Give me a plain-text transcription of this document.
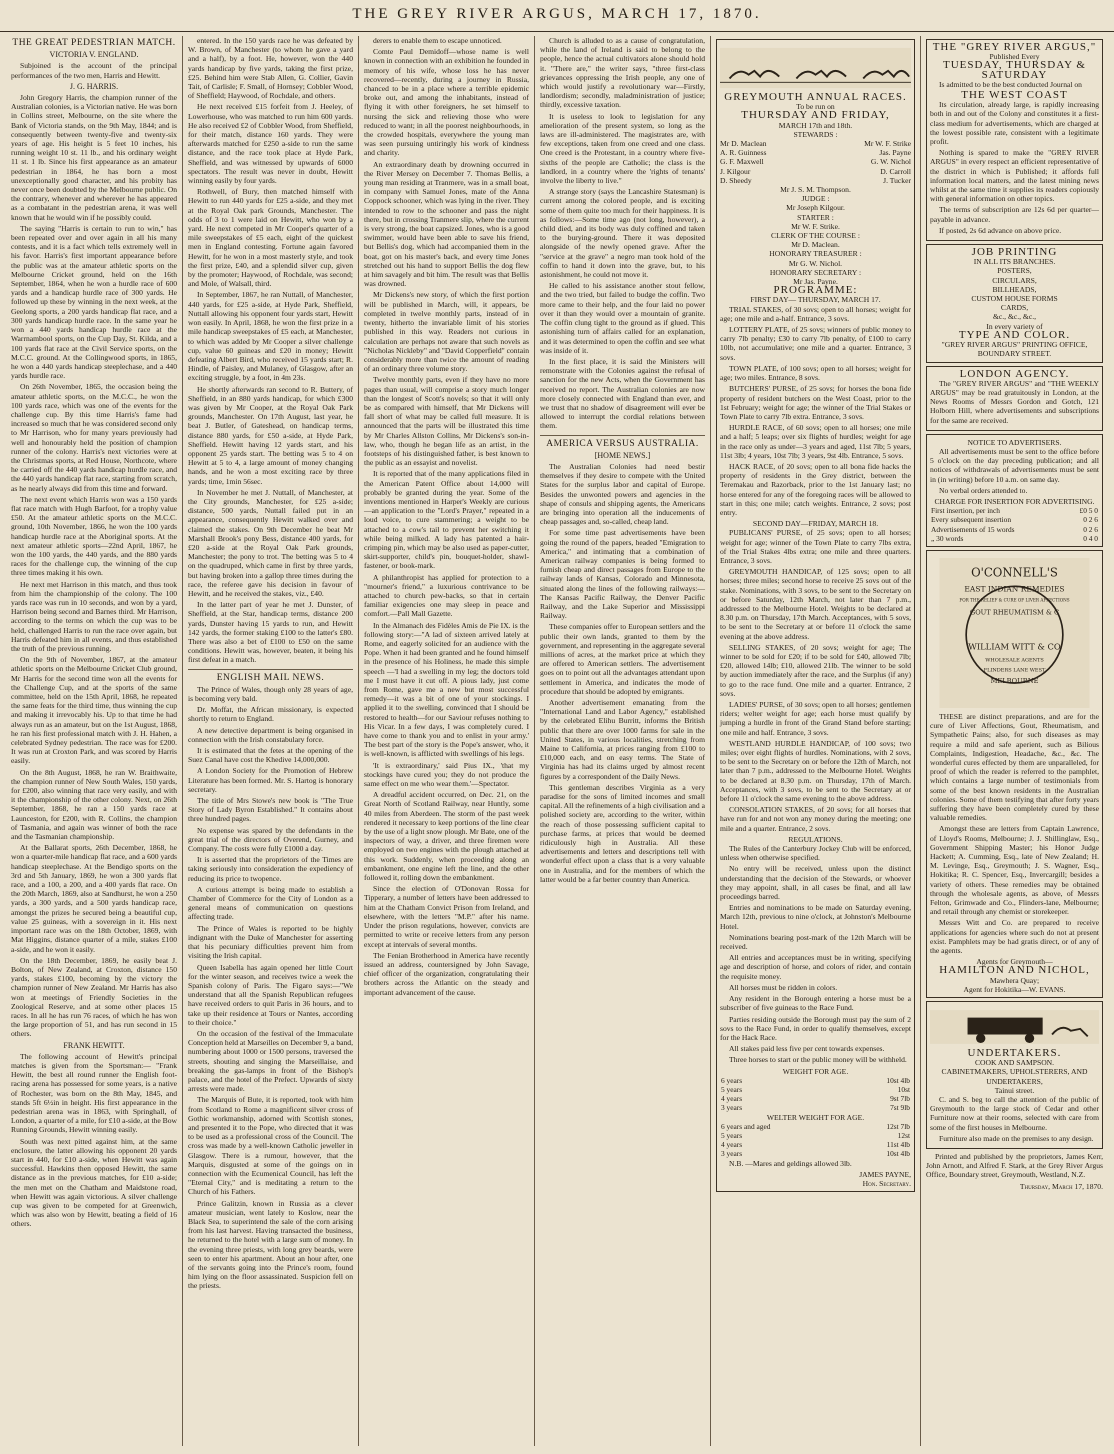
THE GREY RIVER ARGUS, MARCH 17, 1870.
THE GREAT PEDESTRIAN MATCH.
VICTORIA V. ENGLAND.

Subjoined is the account of the principal performances of the two men, Harris and Hewitt.

J. G. HARRIS.

John Gregory Harris, the champion runner of the Australian colonies, is a Victorian native. He was born in Collins street, Melbourne, on the site where the Bank of Victoria stands, on the 9th May, 1844; and is consequently between twenty-five and twenty-six years of age. His height is 5 feet 10 inches, his running weight 10 st. 11 lb., and his ordinary weight 11 st. 1 lb. Since his first appearance as an amateur pedestrian in 1864, he has born a most unexceptionally good character, and his probity has never once been doubted by the Melbourne public. On the contrary, whenever and wherever he has appeared as a combatant in the pedestrian arena, it was well known that he would win if he possibly could.

The saying "Harris is certain to run to win," has been repeated over and over again in all his many contests, and it is a fact which tells extremely well in his favor. Harris's first important appearance before the public was at the amateur athletic sports on the Melbourne Cricket ground, held on the 16th September, 1864, when he won a hurdle race of 600 yards and a handicap hurdle race of 300 yards. He followed up these by winning in the next week, at the Geelong sports, a 200 yards handicap flat race, and a 300 yards handicap hurdle race. In the same year he won a 440 yards handicap hurdle race at the Warrnambool sports, on the Cup Day, St. Kilda, and a 100 yards flat race at the Civil Service sports, on the M.C.C. ground. At the Collingwood sports, in 1865, he won a 440 yards handicap steeplechase, and a 440 yards hurdle race.

On 26th November, 1865, the occasion being the amateur athletic sports, on the M.C.C., he won the 100 yards race, which was one of the events for the challenge cup. By this time Harris's fame had increased so much that he was considered second only to Mr Harrison, who for many years previously had well and honourably held the position of champion runner of the colony. Harris's next victories were at the Christmas sports, at Red House, Northcote, where he carried off the 440 yards handicap hurdle race, and the 440 yards handicap flat race, starting from scratch, as he nearly always did from this time and forward.

The next event which Harris won was a 150 yards flat race match with Hugh Barfoot, for a trophy value £50. At the amateur athletic sports on the M.C.C. ground, 10th November, 1866, he won the 100 yards handicap hurdle race at the Aboriginal sports. At the next amateur athletic sports—22nd April, 1867, he won the 100 yards, the 440 yards, and the 880 yards races for the challenge cup, the winning of the cup three times making it his own.

He next met Harrison in this match, and thus took from him the championship of the colony. The 100 yards race was run in 10 seconds, and won by a yard, Harrison being second and Barnes third. Mr Harrison, according to the terms on which the cup was to be held, challenged Harris to run the race over again, but Harris defeated him in all events, and thus established the truth of the previous running.

On the 9th of November, 1867, at the amateur athletic sports on the Melbourne Cricket Club ground, Mr Harris for the second time won all the events for the Challenge Cup, and at the sports of the same committee, held on the 15th April, 1868, he repeated the same feats for the third time, thus winning the cup and making it irrevocably his. Up to that time he had always run as an amateur, but on the 1st August, 1868, he ran his first professional match with J. H. Hahen, a celebrated Sydney pedestrian. The race was for £200. It was run at Croxton Park, and was scored by Harris easily.

On the 8th August, 1868, he ran W. Braithwaite, the champion runner of New South Wales, 150 yards, for £200, also winning that race very easily, and with it the championship of the other colony. Next, on 26th September, 1868, he ran a 150 yards race at Launceston, for £200, with R. Collins, the champion of Tasmania, and again was winner of both the race and the Tasmanian championship.

At the Ballarat sports, 26th December, 1868, he won a quarter-mile handicap flat race, and a 600 yards handicap steeplechase. At the Bendigo sports on the 3rd and 5th January, 1869, he won a 300 yards flat race, and a 100, a 200, and a 400 yards flat race. On the 20th March, 1869, also at Sandhurst, he won a 250 yards, a 300 yards, and a 500 yards handicap race, amongst the prizes he secured being a beautiful cup, value 25 guineas, with a sovereign in it. His next important race was on the 18th October, 1869, with Mat Higgins, distance quarter of a mile, stakes £100 a-side, and he won it easily.

On the 18th December, 1869, he easily beat J. Bolton, of New Zealand, at Croxton, distance 150 yards, stakes £100, becoming by the victory the champion runner of New Zealand. Mr Harris has also won at meetings of Friendly Societies in the Zoological Reserve, and at some other places 15 races. In all he has run 76 races, of which he has won the large proportion of 51, and has run second in 15 others.

FRANK HEWITT.

The following account of Hewitt's principal matches is given from the Sportsman:— "Frank Hewitt, the best all round runner the English foot-racing arena has possessed for some years, is a native of Rochester, was born on the 8th May, 1845, and stands 5ft 6½in in height. His first appearance in the pedestrian arena was in 1863, with Springhall, of London, a quarter of a mile, for £10 a-side, at the Bow Running Grounds, Hewitt winning easily.

South was next pitted against him, at the same enclosure, the latter allowing his opponent 20 yards start in 440, for £10 a-side, when Hewitt was again successful. Hawkins then opposed Hewitt, the same distance as in the previous matches, for £10 a-side; the men met on the Chatham and Maidstone road, when Hewitt was again victorious. A silver challenge cup was given to be competed for at Greenwich, which was also won by Hewitt, beating a field of 16 others.

entered. In the 150 yards race he was defeated by W. Brown, of Manchester (to whom he gave a yard and a half), by a foot. He, however, won the 440 yards handicap by five yards, taking the first prize, £25. Behind him were Stab Allen, G. Collier, Gavin Tait, of Carlisle; F. Small, of Hornsey; Cobbler Wood, of Sheffield; Haywood, of Rochdale, and others.

He next received £15 forfeit from J. Heeley, of Lowerhouse, who was matched to run him 600 yards. He also received £2 of Cobbler Wood, from Sheffield, for their match, distance 160 yards. They were afterwards matched for £250 a-side to run the same distance, and the race took place at Hyde Park, Sheffield, and was witnessed by upwards of 6000 spectators. The result was never in doubt, Hewitt winning easily by four yards.

Rothwell, of Bury, then matched himself with Hewitt to run 440 yards for £25 a-side, and they met at the Royal Oak park Grounds, Manchester. The odds of 3 to 1 were laid on Hewitt, who won by a yard. He next competed in Mr Cooper's quarter of a mile sweepstakes of £5 each, eight of the quickest men in England contesting. Fortune again favored Hewitt, for he won in a most masterly style, and took the first prize, £40, and a splendid silver cup, given by the promoter; Haywood, of Rochdale, was second; and Mole, of Walsall, third.

In September, 1867, he ran Nuttall, of Manchester, 440 yards, for £25 a-side, at Hyde Park, Sheffield, Nuttall allowing his opponent four yards start, Hewitt won easily. In April, 1868, he won the first prize in a mile handicap sweepstakes of £5 each, at Manchester, to which was added by Mr Cooper a silver challenge cup, value 60 guineas and £20 in money; Hewitt defeating Albert Bird, who received 15 yards start; R. Hindle, of Paisley, and Mulaney, of Glasgow, after an exciting struggle, by a foot, in 4m 23s.

He shortly afterwards ran second to R. Buttery, of Sheffield, in an 880 yards handicap, for which £300 was given by Mr Cooper, at the Royal Oak Park grounds, Manchester. On 17th August, last year, he beat J. Butler, of Gateshead, on handicap terms, distance 880 yards, for £50 a-side, at Hyde Park, Sheffield. Hewitt having 12 yards start, and his opponent 25 yards start. The betting was 5 to 4 on Hewitt at 5 to 4, a large amount of money changing hands, and he won a most exciting race by three yards; time, 1min 56sec.

In November he met J. Nuttall, of Manchester, at the City grounds, Manchester, for £25 a-side; distance, 500 yards, Nuttall failed put in an appearance, consequently Hewitt walked over and claimed the stakes. On 9th December he beat Mr Marshall Brook's pony Bess, distance 400 yards, for £20 a-side at the Royal Oak Park grounds, Manchester; the pony to trot. The betting was 5 to 4 on the quadruped, which came in first by three yards, but having broken into a gallop three times during the race, the referee gave his decision in favour of Hewitt, and he received the stakes, viz., £40.

In the latter part of year he met J. Dunster, of Sheffield, at the Star, handicap terms, distance 200 yards, Dunster having 15 yards to run, and Hewitt 142 yards, the former staking £100 to the latter's £80. There was also a bet of £100 to £50 on the same conditions. Hewitt was, however, beaten, it being his first defeat in a match.

ENGLISH MAIL NEWS.

The Prince of Wales, though only 28 years of age, is becoming very bald.

Dr. Moffat, the African missionary, is expected shortly to return to England.

A new detective department is being organised in connection with the Irish constabulary force.

It is estimated that the fetes at the opening of the Suez Canal have cost the Khedive 14,000,000.

A London Society for the Promotion of Hebrew Literature has been formed. Mr. S. Hartog is honorary secretary.

The title of Mrs Stowe's new book is "The True Story of Lady Byron Established." It contains about three hundred pages.

No expense was spared by the defendants in the great trial of the directors of Overend, Gurney, and Company. The costs were fully £1000 a day.

It is asserted that the proprietors of the Times are taking seriously into consideration the expediency of reducing its price to twopence.

A curious attempt is being made to establish a Chamber of Commerce for the City of London as a general means of communication on questions affecting trade.

The Prince of Wales is reported to be highly indignant with the Duke of Manchester for asserting that his pecuniary difficulties prevent him from visiting the Irish capital.

Queen Isabella has again opened her little Court for the winter season, and receives twice a week the Spanish colony of Paris. The Figaro says:—"We understand that all the Spanish Republican refugees have received orders to quit Paris in 36 hours, and to take up their residence at Tours or Nantes, according to their choice."

On the occasion of the festival of the Immaculate Conception held at Marseilles on December 9, a band, numbering about 1000 or 1500 persons, traversed the streets, shouting and singing the Marseillaise, and breaking the gas-lamps in front of the Bishop's palace, and the hotel of the Prefect. Upwards of sixty arrests were made.

The Marquis of Bute, it is reported, took with him from Scotland to Rome a magnificent silver cross of Gothic workmanship, adorned with Scottish stones, and presented it to the Pope, who directed that it was to be used as a professional cross of the Council. The cross was made by a well-known Catholic jeweller in Glasgow. There is a rumour, however, that the Marquis, disgusted at some of the goings on in connection with the Ecumenical Council, has left the "Eternal City," and is meditating a return to the Church of his Fathers.

Prince Galitzin, known in Russia as a clever amateur musician, went lately to Koslow, near the Black Sea, to superintend the sale of the corn arising from his last harvest. Having transacted the business, he returned to the hotel with a large sum of money. In the evening three priests, with long grey beards, were seen to enter his apartment. About an hour after, one of the servants going into the Prince's room, found him lying on the floor assassinated. Suspicion fell on the priests.

derers to enable them to escape unnoticed.

Comte Paul Demidoff—whose name is well known in connection with an exhibition he founded in memory of his wife, whose loss he has never recovered—recently, during a journey in Russia, chanced to be in a place where a terrible epidemic broke out, and among the inhabitants, instead of flying it with other foreigners, he set himself to nursing the sick and relieving those who were reduced to want; in all the poorest neighbourhoods, in the crowded hospitals, everywhere the young man was seen pursuing untiringly his work of kindness and charity.

An extraordinary death by drowning occurred in the River Mersey on December 7. Thomas Bellis, a young man residing at Tranmere, was in a small boat, in company with Samuel Jones, mate of the Anna Coppock schooner, which was lying in the river. They intended to row to the schooner and pass the night there, but in crossing Tranmere slip, where the current is very strong, the boat capsized. Jones, who is a good swimmer, would have been able to save his friend, but Bellis's dog, which had accompanied them in the boat, got on his master's back, and every time Jones stretched out his hand to support Bellis the dog flew at him savagely and bit him. The result was that Bellis was drowned.

Mr Dickens's new story, of which the first portion will be published in March, will, it appears, be completed in twelve monthly parts, instead of in twenty, hitherto the invariable limit of his stories published in this way. Readers not curious in calculation are perhaps not aware that such novels as "Nicholas Nickleby" and "David Copperfield" contain considerably more than twice the amount of reading of an ordinary three volume story.

Twelve monthly parts, even if they have no more pages than usual, will comprise a story much longer than the longest of Scott's novels; so that it will only be as compared with himself, that Mr Dickens will fall short of what may be called full measure. It is announced that the parts will be illustrated this time by Mr Charles Allston Collins, Mr Dickens's son-in-law, who, though he began life as an artist, in the footsteps of his distinguished father, is best known to the public as an essayist and novelist.

It is reported that of the many applications filed in the American Patent Office about 14,000 will probably be granted during the year. Some of the inventions mentioned in Harper's Weekly are curious—an application to the "Lord's Prayer," repeated in a loud voice, to cure stammering; a weight to be attached to a cow's tail to prevent her switching it while being milked. A lady has patented a hair-crimping pin, which may be also used as paper-cutter, skirt-supporter, child's pin, bouquet-holder, shawl-fastener, or book-mark.

A philanthropist has applied for protection to a "mourner's friend," a luxurious contrivance to be attached to church pew-backs, so that in certain familiar exigencies one may sleep in peace and comfort.—Pall Mall Gazette.

In the Almanach des Fidèles Amis de Pie IX. is the following story:—"A lad of sixteen arrived lately at Rome, and eagerly solicited for an audience with the Pope. When it had been granted and he found himself in the presence of his Holiness, he made this simple speech —'I had a swelling in my leg; the doctors told me I must have it cut off. A pious lady, just come from Rome, gave me a new but most successful remedy—it was a bit of one of your stockings. I applied it to the swelling, convinced that I should be restored to health—for our Saviour refuses nothing to His Vicar. In a few days, I was completely cured. I have come to thank you and to enlist in your army.' The best part of the story is the Pope's answer, who, it is well-known, is afflicted with swellings of his legs.

'It is extraordinary,' said Pius IX., 'that my stockings have cured you; they do not produce the same effect on me who wear them.'—Spectator.

A dreadful accident occurred, on Dec. 21, on the Great North of Scotland Railway, near Huntly, some 40 miles from Aberdeen. The storm of the past week rendered it necessary to keep portions of the line clear by the use of a light snow plough. Mr Bate, one of the inspectors of way, a driver, and three firemen were employed on two engines with the plough attached at this work. Suddenly, when proceeding along an embankment, one engine left the line, and the other followed it, rolling down the embankment.

Since the election of O'Donovan Rossa for Tipperary, a number of letters have been addressed to him at the Chatham Convict Prison from Ireland, and elsewhere, with the letters "M.P." after his name. Under the prison regulations, however, convicts are permitted to write or receive letters from any person except at intervals of several months.

The Fenian Brotherhood in America have recently issued an address, countersigned by John Savage, chief officer of the organization, congratulating their brothers across the Atlantic on the steady and important advancement of the cause.

Church is alluded to as a cause of congratulation, while the land of Ireland is said to belong to the people, hence the actual cultivators alone should hold it. "There are," the writer says, "three first-class grievances oppressing the Irish people, any one of which would justify a revolutionary war—Firstly, landlordism; secondly, maladministration of justice; thirdly, excessive taxation.

It is useless to look to legislation for any amelioration of the present system, so long as the laws are ill-administered. The magistrates are, with few exceptions, taken from one creed and one class. One creed is the Protestant, in a country where five-sixths of the people are Catholic; the class is the landlord, in a country where the 'rights of tenants' involve the liberty to live."

A strange story (says the Lancashire Statesman) is current among the colored people, and is exciting some of them quite too much for their happiness. It is as follows:—Some time ago (not long, however), a child died, and its body was duly coffined and taken to the burying-ground. There it was deposited alongside of the newly opened grave. After the "service at the grave" a negro man took hold of the coffin to hand it down into the grave, but, to his astonishment, he could not move it.

He called to his assistance another stout fellow, and the two tried, but failed to budge the coffin. Two more came to their help, and the four laid no power over it than they would over a mountain of granite. The coffin clung tight to the ground as if glued. This astonishing turn of affairs called for an explanation, and it was determined to open the coffin and see what was inside of it.

In the first place, it is said the Ministers will remonstrate with the Colonies against the refusal of sanction for the new Acts, when the Government has received no report. The Australian colonies are now more closely connected with England than ever, and we trust that no shadow of disagreement will ever be allowed to interrupt the cordial relations between them.

AMERICA VERSUS AUSTRALIA.
[HOME NEWS.]

The Australian Colonies had need bestir themselves if they desire to compete with the United States for the surplus labor and capital of Europe. Besides the unwonted powers and agencies in the shape of consuls and shipping agents, the Americans are bringing into operation all the inducements of cheap passages and, so-called, cheap land.

For some time past advertisements have been going the round of the papers, headed "Emigration to America," and intimating that a combination of American railway companies is being formed to furnish cheap and direct passages from Europe to the railway lands of Kansas, Colorado and Minnesota, situated along the lines of the following railways:—The Kansas Pacific Railway, the Denver Pacific Railway, and the Lake Superior and Mississippi Railway.

These companies offer to European settlers and the public their own lands, granted to them by the government, and representing in the aggregate several millions of acres, at the market price at which they are offered to American settlers. The advertisement goes on to point out all the advantages attendant upon settlement in America, and indicates the mode of procedure that should be adopted by emigrants.

Another advertisement emanating from the "International Land and Labor Agency," established by the celebrated Elihu Burritt, informs the British public that there are over 1000 farms for sale in the United States, in various localities, stretching from Maine to California, at prices ranging from £100 to £10,000 each, and on easy terms. The State of Virginia has had its claims urged by almost recent figures by a correspondent of the Daily News.

This gentleman describes Virginia as a very paradise for the sons of limited incomes and small capital. All the refinements of a high civilisation and a polished society are, according to the writer, within the reach of those possessing sufficient capital to purchase farms, at prices that would be deemed ridiculously high in Australia. All these advertisements and letters and descriptions tell with wonderful effect upon a class that is a very valuable one in Australia, and for the members of which the latter would be a far better country than America.

GREYMOUTH ANNUAL RACES.
To be run on
THURSDAY AND FRIDAY,
MARCH 17th and 18th.
STEWARDS :
Mr D. Maclean	Mr W. F. Strike
A. R. Guinness	Jas. Payne
G. F. Maxwell	G. W. Nichol
J. Kilgour	D. Carroll
D. Sheedy	J. Tucker
Mr J. S. M. Thompson.
JUDGE :
Mr Joseph Kilgour.
STARTER :
Mr W. F. Strike.
CLERK OF THE COURSE :
Mr D. Maclean.
HONORARY TREASURER :
Mr G. W. Nichol.
HONORARY SECRETARY :
Mr Jas. Payne.
PROGRAMME:
FIRST DAY— THURSDAY, MARCH 17.

TRIAL STAKES, of 30 sovs; open to all horses; weight for age; one mile and a-half. Entrance, 3 sovs.

LOTTERY PLATE, of 25 sovs; winners of public money to carry 7lb penalty; £30 to carry 7lb penalty, of £100 to carry 10lb, not accumulative; one mile and a quarter. Entrance, 3 sovs.

TOWN PLATE, of 100 sovs; open to all horses; weight for age; two miles. Entrance, 8 sovs.

BUTCHERS' PURSE, of 25 sovs; for horses the bona fide property of resident butchers on the West Coast, prior to the 1st February; weight for age; the winner of the Trial Stakes or Town Plate to carry 7lb extra. Entrance, 3 sovs.

HURDLE RACE, of 60 sovs; open to all horses; one mile and a half; 5 leaps; over six flights of hurdles; weight for age in the race only as under—3 years and aged, 11st 7lb; 5 years, 11st 3lb; 4 years, 10st 7lb; 3 years, 9st 4lb. Entrance, 5 sovs.

HACK RACE, of 20 sovs; open to all bona fide hacks the property of residents in the Grey district, between the Teremakau and Razorback, prior to the 1st January last; no horse entered for any of the foregoing races will be allowed to start in this; one mile; catch weights. Entrance, 2 sovs; post entry.

SECOND DAY—FRIDAY, MARCH 18.

PUBLICANS' PURSE, of 25 sovs; open to all horses; weight for age; winner of the Town Plate to carry 7lbs extra, of the Trial Stakes 4lbs extra; one mile and three quarters. Entrance, 3 sovs.

GREYMOUTH HANDICAP, of 125 sovs; open to all horses; three miles; second horse to receive 25 sovs out of the stake. Nominations, with 3 sovs, to be sent to the Secretary on or before Saturday, 12th March, not later than 7 p.m., addressed to the Melbourne Hotel. Weights to be declared at 8.30 p.m. on Thursday, 17th March. Acceptances, with 5 sovs, to be sent to the Secretary at or before 11 o'clock the same evening at the above address.

SELLING STAKES, of 20 sovs; weight for age; The winner to be sold for £20; if to be sold for £40, allowed 7lb; £20, allowed 14lb; £10, allowed 21lb. The winner to be sold by auction immediately after the race, and the Surplus (if any) to go to the race fund. One mile and a quarter. Entrance, 2 sovs.

LADIES' PURSE, of 30 sovs; open to all horses; gentlemen riders; welter weight for age; each horse must qualify by jumping a hurdle in front of the Grand Stand before starting; one mile and half. Entrance, 3 sovs.

WESTLAND HURDLE HANDICAP, of 100 sovs; two miles; over eight flights of hurdles. Nominations, with 2 sovs, to be sent to the Secretary on or before the 12th of March, not later than 7 p.m., addressed to the Melbourne Hotel. Weights to be declared at 8.30 p.m. on Thursday, 17th of March. Acceptances, with 3 sovs, to be sent to the Secretary at or before 11 o'clock the same evening to the above address.

CONSOLATION STAKES, of 20 sovs; for all horses that have run for and not won any money during the meeting; one mile and a quarter. Entrance, 2 sovs.

REGULATIONS.

The Rules of the Canterbury Jockey Club will be enforced, unless when otherwise specified.

No entry will be received, unless upon the distinct understanding that the decision of the Stewards, or whoever they may appoint, shall, in all cases be final, and all law proceedings barred.

Entries and nominations to be made on Saturday evening, March 12th, previous to nine o'clock, at Johnston's Melbourne Hotel.

Nominations bearing post-mark of the 12th March will be received.

All entries and acceptances must be in writing, specifying age and description of horse, and colors of rider, and contain the requisite money.

All horses must be ridden in colors.

Any resident in the Borough entering a horse must be a subscriber of five guineas to the Race Fund.

Parties residing outside the Borough must pay the sum of 2 sovs to the Race Fund, in order to qualify themselves, except for the Hack Race.

All stakes paid less five per cent towards expenses.

Three horses to start or the public money will be withheld.

WEIGHT FOR AGE.
6 years	10st 4lb
5 years	10st
4 years	9st 7lb
3 years	7st 9lb
WELTER WEIGHT FOR AGE.
6 years and aged	12st 7lb
5 years	12st
4 years	11st 4lb
3 years	10st 4lb

N.B. —Mares and geldings allowed 3lb.

JAMES PAYNE,
Hon. Secretary.
THE "GREY RIVER ARGUS,"
Published Every
TUESDAY, THURSDAY & SATURDAY

Is admitted to be the best conducted Journal on

THE WEST COAST

Its circulation, already large, is rapidly increasing both in and out of the Colony and constitutes it a first-class medium for advertisements, which are charged at the lowest possible rate, consistent with a legitimate profit.

Nothing is spared to make the "GREY RIVER ARGUS" in every respect an efficient representative of the district in which is Published; it affords full information local matters, and the latest mining news whilst at the same time it supplies its readers copiously with general information on other topics.

The terms of subscription are 12s 6d per quarter—payable in advance.

If posted, 2s 6d advance on above price.

JOB PRINTING
IN ALL ITS BRANCHES.
POSTERS,
CIRCULARS,
BILLHEADS,
CUSTOM HOUSE FORMS
CARDS,
&c., &c., &c.,
In every variety of
TYPE AND COLOR.
"GREY RIVER ARGUS" PRINTING OFFICE,
BOUNDARY STREET.
LONDON AGENCY.

The "GREY RIVER ARGUS" and "THE WEEKLY ARGUS" may be read gratuitously in London, at the News Rooms of Messrs Gordon and Gotch, 121 Holborn Hill, where advertisements and subscriptions for the same are received.

NOTICE TO ADVERTISERS.

All advertisements must be sent to the office before 5 o'clock on the day preceding publication; and all notices of withdrawals of advertisements must be sent in (in writing) before 10 a.m. on same day.

No verbal orders attended to.

CHARGE FOR INSERTION FOR ADVERTISING.
First insertion, per inch	£0 5 0
Every subsequent insertion	0 2 6
Advertisements of 15 words	0 2 6
„ 30 words	0 4 0
O'CONNELL'S
EAST INDIAN REMEDIES
FOR THE RELIEF & CURE OF LIVER AFFECTIONS
GOUT RHEUMATISM & C
WILLIAM WITT & CO
WHOLESALE AGENTS
FLINDERS LANE WEST
MELBOURNE

THESE are distinct preparations, and are for the cure of Liver Affections, Gout, Rheumatism, and Sympathetic Pains; also, for such diseases as may require a mild and safe aperient, such as Bilious Complaints, Indigestion, Headache, &c., &c. The wonderful cures effected by them are unparalleled, for proof of which the reader is referred to the pamphlet, which contains a large number of testimonials from some of the best known residents in the Australian colonies. Some of them testifying that after forty years suffering they have been completely cured by these valuable remedies.

Amongst these are letters from Captain Lawrence, of Lloyd's Rooms, Melbourne; J. J. Shillinglaw, Esq., Government Shipping Master; his Honor Judge Hackett; A. Cumming, Esq., late of New Zealand; H. M. Levinge, Esq., Greymouth; J. S. Wagner, Esq., Hokitika; R. C. Spencer, Esq., Invercargill; besides a variety of others. These remedies may be obtained through the wholesale agents, as above, of Messrs Felton, Grimwade and Co., Flinders-lane, Melbourne; and retail through any chemist or storekeeper.

Messrs Witt and Co. are prepared to receive applications for agencies where such do not at present exist. Pamphlets may be had gratis direct, or of any of the agents.

Agents for Greymouth—
HAMILTON AND NICHOL,
Mawhera Quay;
Agent for Hokitika—W. EVANS.
UNDERTAKERS.
COOK AND SAMPSON.
CABINETMAKERS, UPHOLSTERERS, AND UNDERTAKERS,
Tainui street.

C. and S. beg to call the attention of the public of Greymouth to the large stock of Cedar and other Furniture now at their rooms, selected with care from some of the first houses in Melbourne.

Furniture also made on the premises to any design.

Printed and published by the proprietors, James Kerr, John Arnott, and Alfred F. Stark, at the Grey River Argus Office, Boundary street, Greymouth, Westland, N.Z.

Thursday, March 17, 1870.
